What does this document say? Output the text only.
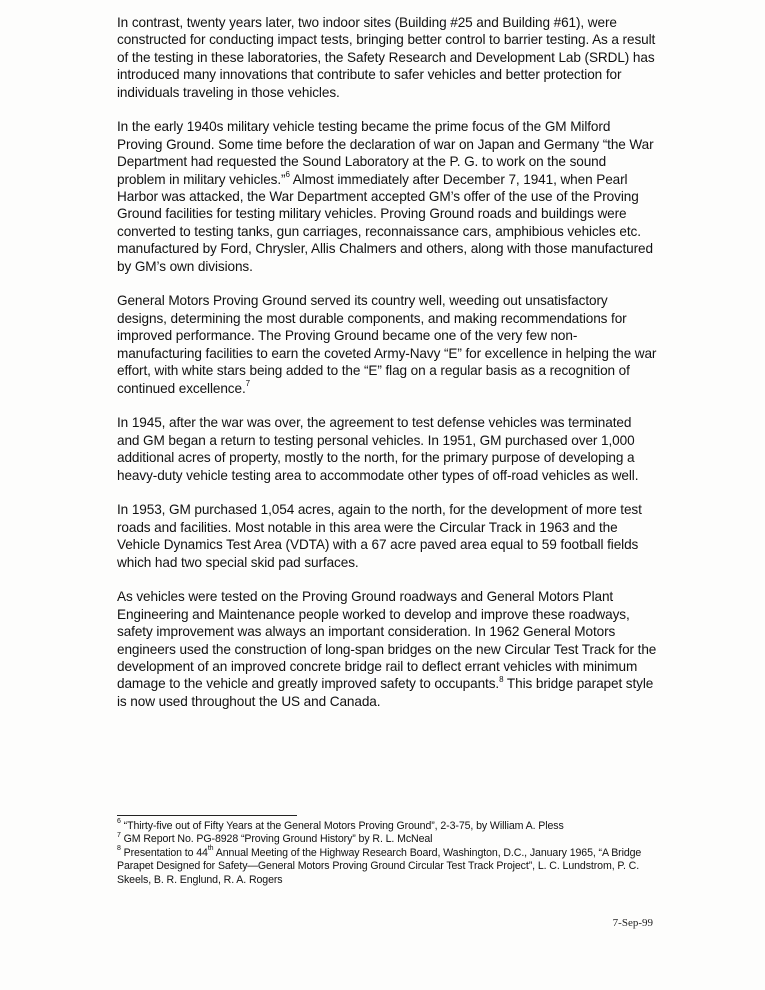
In contrast, twenty years later, two indoor sites (Building #25 and Building #61), were constructed for conducting impact tests, bringing better control to barrier testing. As a result of the testing in these laboratories, the Safety Research and Development Lab (SRDL) has introduced many innovations that contribute to safer vehicles and better protection for individuals traveling in those vehicles.

In the early 1940s military vehicle testing became the prime focus of the GM Milford Proving Ground. Some time before the declaration of war on Japan and Germany “the War Department had requested the Sound Laboratory at the P. G. to work on the sound problem in military vehicles.”$^6$ Almost immediately after December 7, 1941, when Pearl Harbor was attacked, the War Department accepted GM’s offer of the use of the Proving Ground facilities for testing military vehicles. Proving Ground roads and buildings were converted to testing tanks, gun carriages, reconnaissance cars, amphibious vehicles etc. manufactured by Ford, Chrysler, Allis Chalmers and others, along with those manufactured by GM’s own divisions.

General Motors Proving Ground served its country well, weeding out unsatisfactory designs, determining the most durable components, and making recommendations for improved performance. The Proving Ground became one of the very few non-manufacturing facilities to earn the coveted Army-Navy “E” for excellence in helping the war effort, with white stars being added to the “E” flag on a regular basis as a recognition of continued excellence.$^7$

In 1945, after the war was over, the agreement to test defense vehicles was terminated and GM began a return to testing personal vehicles. In 1951, GM purchased over 1,000 additional acres of property, mostly to the north, for the primary purpose of developing a heavy-duty vehicle testing area to accommodate other types of off-road vehicles as well.

In 1953, GM purchased 1,054 acres, again to the north, for the development of more test roads and facilities. Most notable in this area were the Circular Track in 1963 and the Vehicle Dynamics Test Area (VDTA) with a 67 acre paved area equal to 59 football fields which had two special skid pad surfaces.

As vehicles were tested on the Proving Ground roadways and General Motors Plant Engineering and Maintenance people worked to develop and improve these roadways, safety improvement was always an important consideration. In 1962 General Motors engineers used the construction of long-span bridges on the new Circular Test Track for the development of an improved concrete bridge rail to deflect errant vehicles with minimum damage to the vehicle and greatly improved safety to occupants.$^8$ This bridge parapet style is now used throughout the US and Canada.

$^6$ “Thirty-five out of Fifty Years at the General Motors Proving Ground”, 2-3-75, by William A. Pless

$^7$ GM Report No. PG-8928 “Proving Ground History” by R. L. McNeal

$^8$ Presentation to 44th Annual Meeting of the Highway Research Board, Washington, D.C., January 1965, “A Bridge Parapet Designed for Safety—General Motors Proving Ground Circular Test Track Project”, L. C. Lundstrom, P. C. Skeels, B. R. Englund, R. A. Rogers

7-Sep-99
